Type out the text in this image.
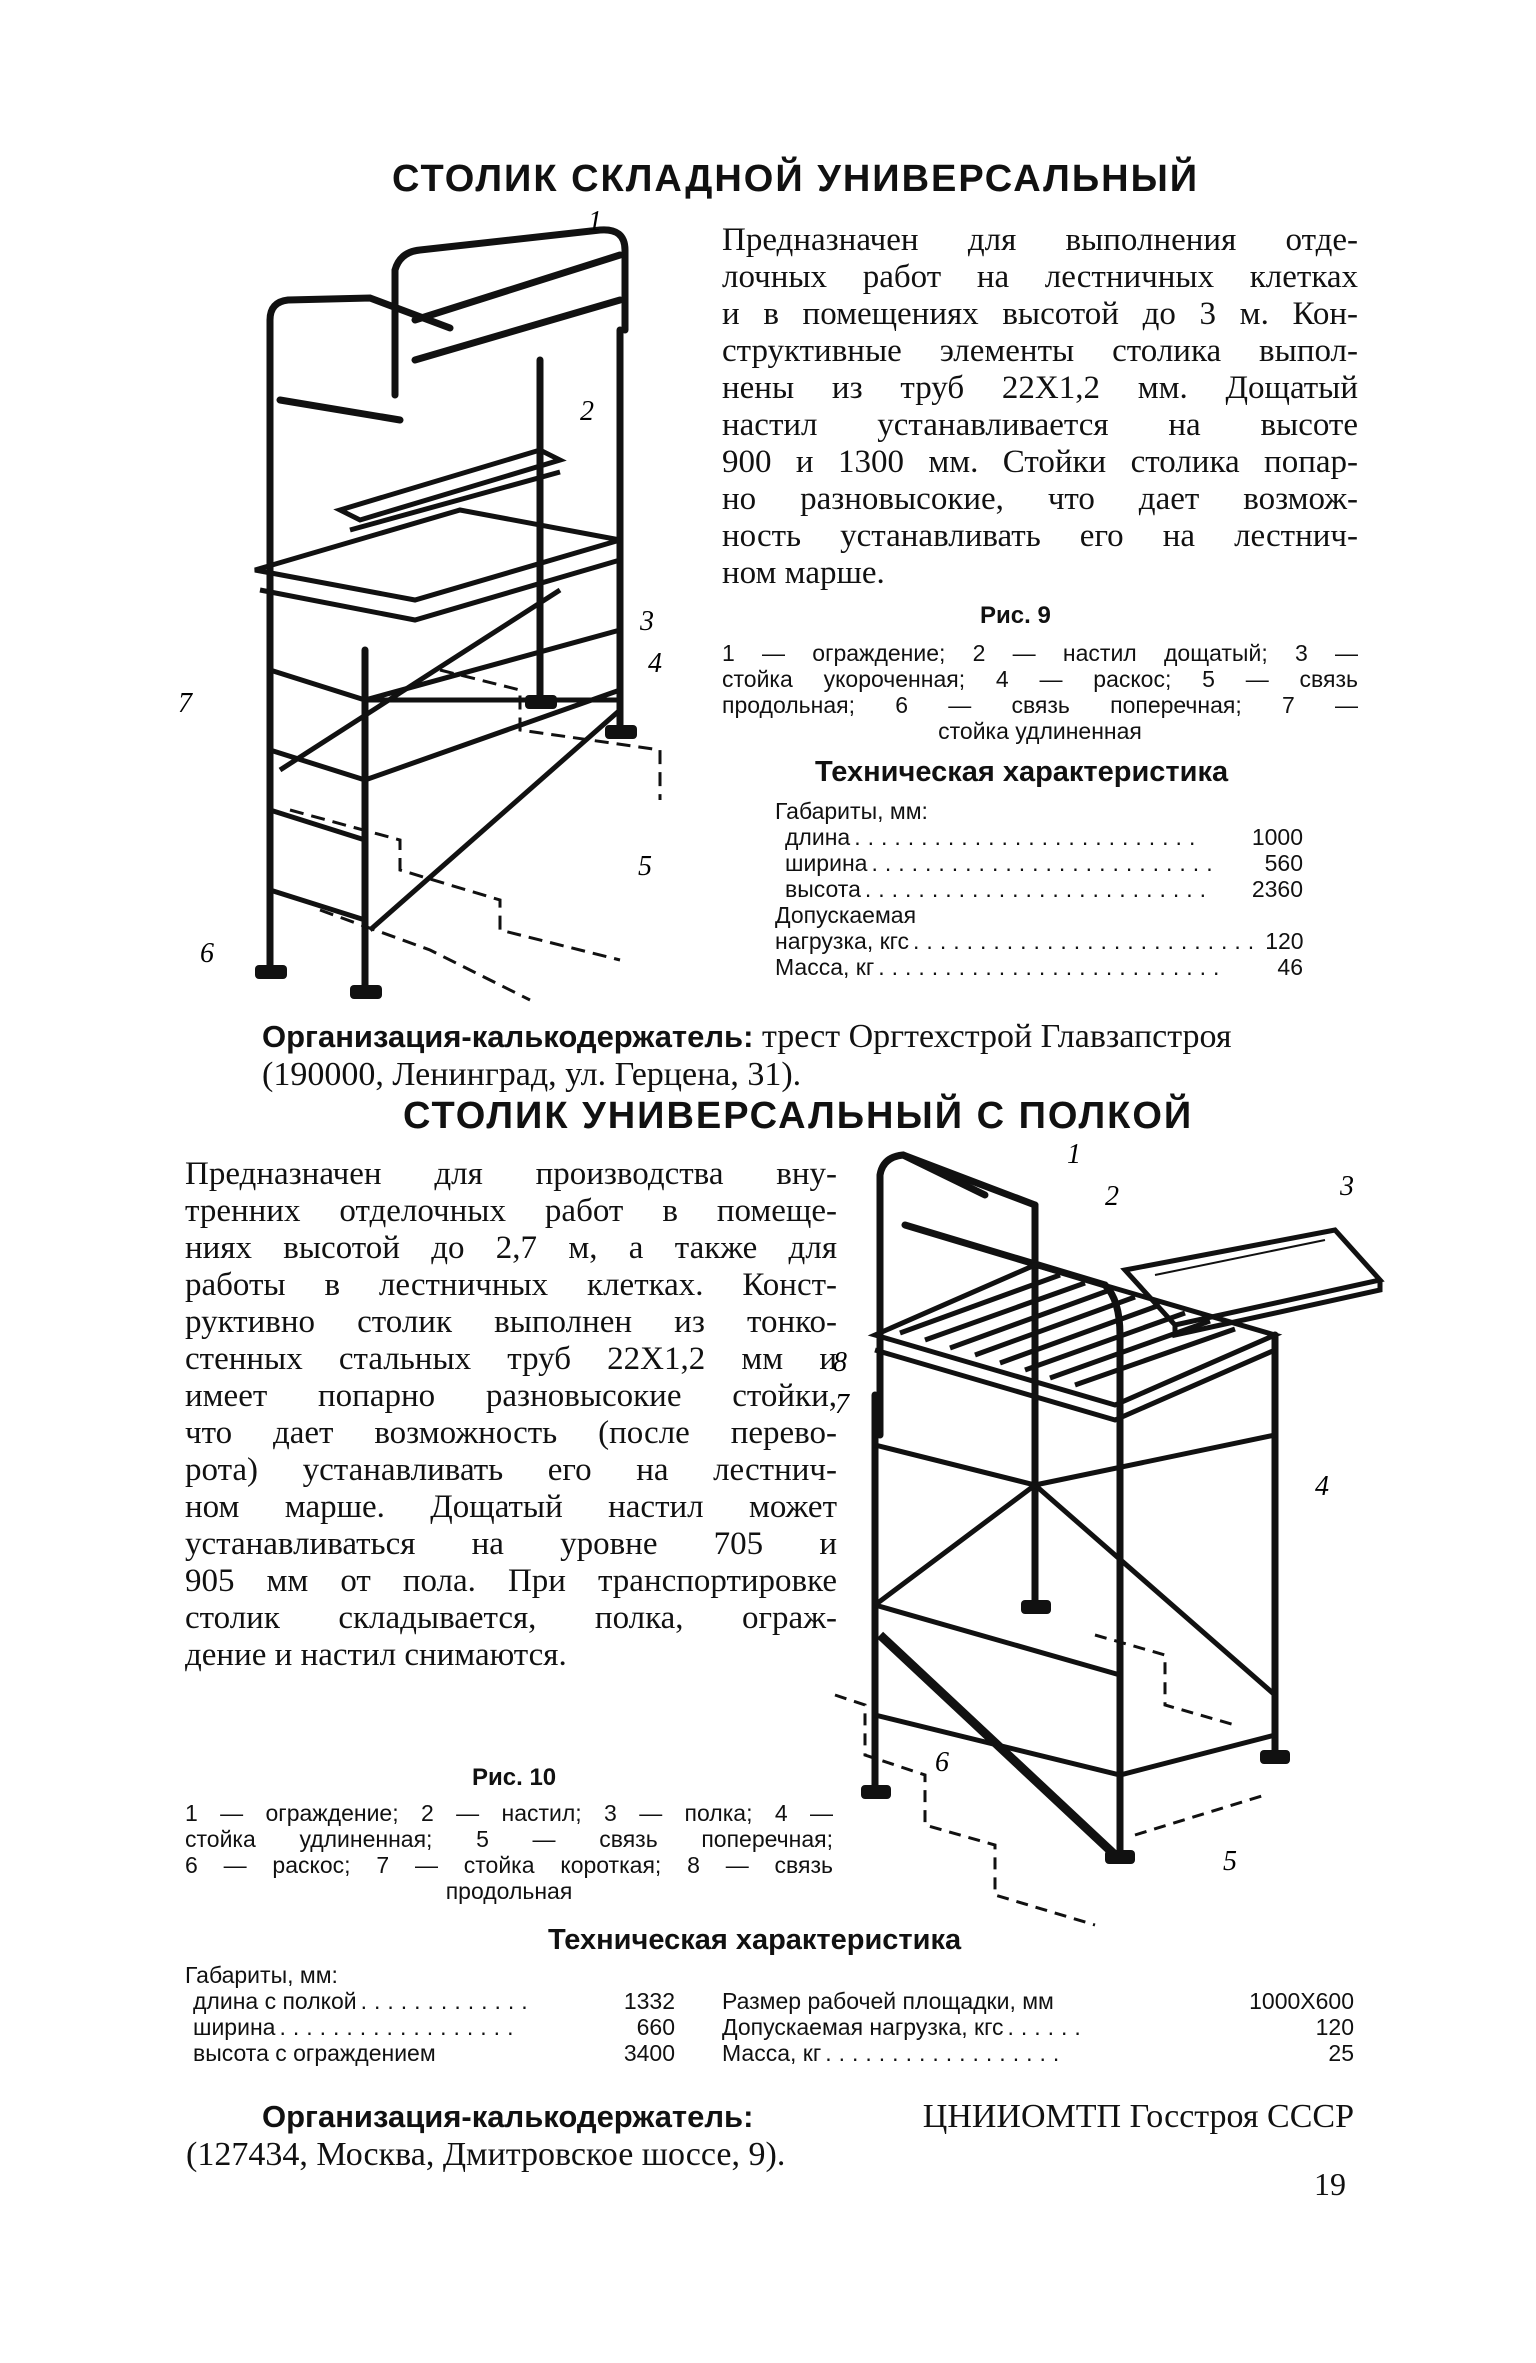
СТОЛИК СКЛАДНОЙ УНИВЕРСАЛЬНЫЙ
1
2
3
4
5
6
7
Предназначен для выполнения отде-
лочных работ на лестничных клетках
и в помещениях высотой до 3 м. Кон-
структивные элементы столика выпол-
нены из труб 22X1,2 мм. Дощатый
настил устанавливается на высоте
900 и 1300 мм. Стойки столика попар-
но разновысокие, что дает возмож-
ность устанавливать его на лестнич-
ном марше.
Рис. 9
1 — ограждение; 2 — настил дощатый; 3 —
стойка укороченная; 4 — раскос; 5 — связь
продольная; 6 — связь поперечная; 7 —
стойка удлиненная
Техническая характеристика
Габариты, мм:
длина ..........................	1000
ширина ..........................	560
высота ..........................	2360
Допускаемая
нагрузка, кгс .......................... 120
Масса, кг ..........................	46
Организация-калькодержатель: трест Оргтехстрой Главзапстроя
(190000, Ленинград, ул. Герцена, 31).
СТОЛИК УНИВЕРСАЛЬНЫЙ С ПОЛКОЙ
Предназначен для производства вну-
тренних отделочных работ в помеще-
ниях высотой до 2,7 м, а также для
работы в лестничных клетках. Конст-
руктивно столик выполнен из тонко-
стенных стальных труб 22X1,2 мм и
имеет попарно разновысокие стойки,
что дает возможность (после перево-
рота) устанавливать его на лестнич-
ном марше. Дощатый настил может
устанавливаться на уровне 705 и
905 мм от пола. При транспортировке
столик складывается, полка, ограж-
дение и настил снимаются.
1
2	3
4
5
6
7
8
Рис. 10
1 — ограждение; 2 — настил; 3 — полка; 4 —
стойка удлиненная; 5 — связь поперечная;
6 — раскос; 7 — стойка короткая; 8 — связь
продольная
Техническая характеристика
Габариты, мм:
длина с полкой .............	1332
ширина ..................	660
высота с ограждением	3400
Размер рабочей площадки, мм	1000X600
Допускаемая нагрузка, кгс ......	120
Масса, кг ..................	25
Организация-калькодержатель:	ЦНИИОМТП Госстроя СССР
(127434, Москва, Дмитровское шоссе, 9).
19
